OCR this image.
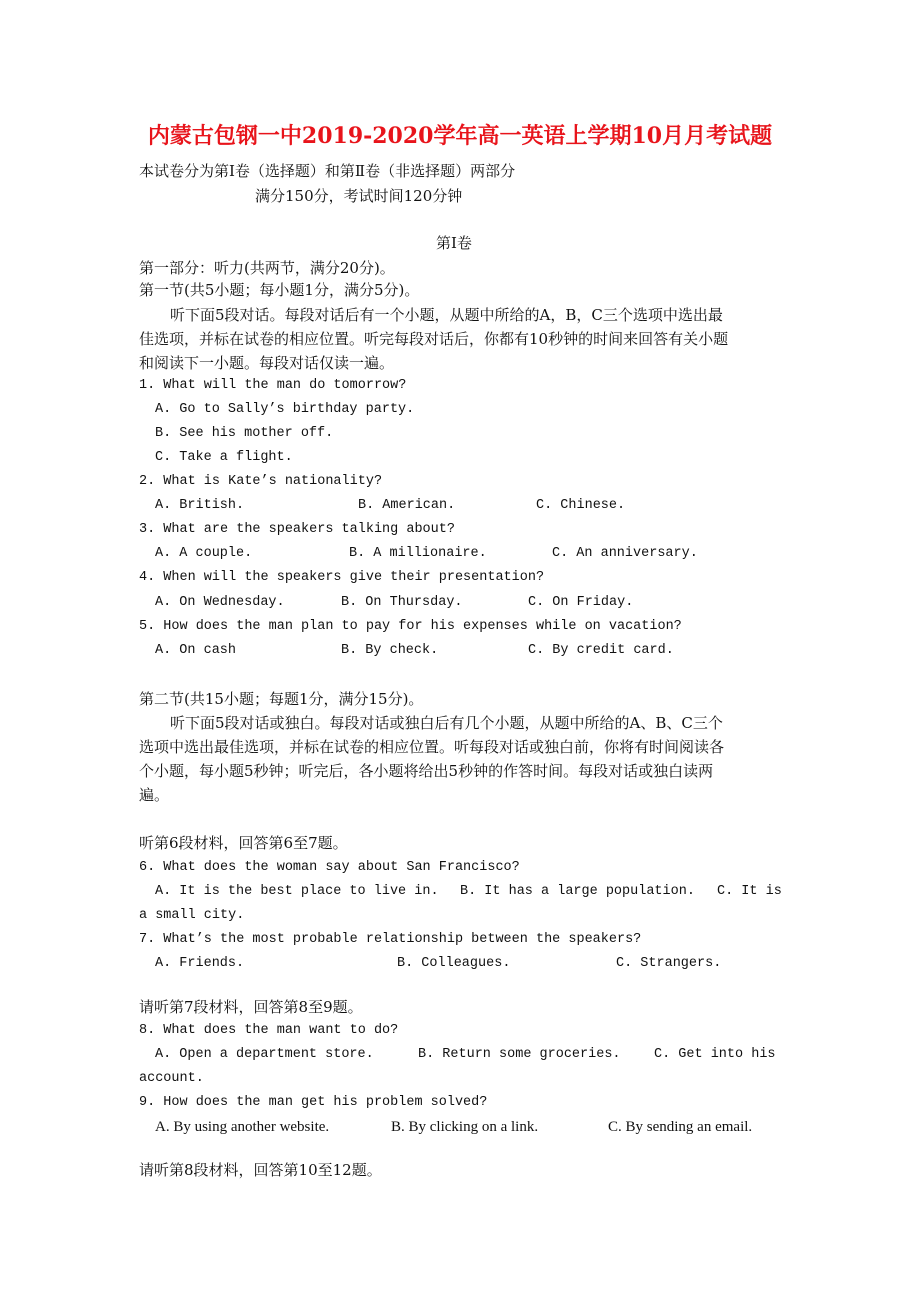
内蒙古包钢一中2019-2020学年高一英语上学期10月月考试题
本试卷分为第Ⅰ卷（选择题）和第Ⅱ卷（非选择题）两部分
满分150分，考试时间120分钟
第Ⅰ卷
第一部分：听力(共两节，满分20分)。
第一节(共5小题；每小题1分，满分5分)。
听下面5段对话。每段对话后有一个小题，从题中所给的A，B，C三个选项中选出最
佳选项，并标在试卷的相应位置。听完每段对话后，你都有10秒钟的时间来回答有关小题
和阅读下一小题。每段对话仅读一遍。
1. What will the man do tomorrow?
A. Go to Sally’s birthday party.
B. See his mother off.
C. Take a flight.
2. What is Kate’s nationality?
A. British.	B. American.	C. Chinese.
3. What are the speakers talking about?
A. A couple.	B. A millionaire.	C. An anniversary.
4. When will the speakers give their presentation?
A. On Wednesday.	B. On Thursday.	C. On Friday.
5. How does the man plan to pay for his expenses while on vacation?
A. On cash	B. By check.	C. By credit card.
第二节(共15小题；每题1分，满分15分)。
听下面5段对话或独白。每段对话或独白后有几个小题，从题中所给的A、B、C三个
选项中选出最佳选项，并标在试卷的相应位置。听每段对话或独白前，你将有时间阅读各
个小题，每小题5秒钟；听完后，各小题将给出5秒钟的作答时间。每段对话或独白读两
遍。
听第6段材料，回答第6至7题。
6. What does the woman say about San Francisco?
A. It is the best place to live in. B. It has a large population. C. It is
a small city.
7. What’s the most probable relationship between the speakers?
A. Friends.	B. Colleagues.	C. Strangers.
请听第7段材料，回答第8至9题。
8. What does the man want to do?
A. Open a department store.	B. Return some groceries. C. Get into his
account.
9. How does the man get his problem solved?
A. By using another website.	B. By clicking on a link.	C. By sending an email.
请听第8段材料，回答第10至12题。
